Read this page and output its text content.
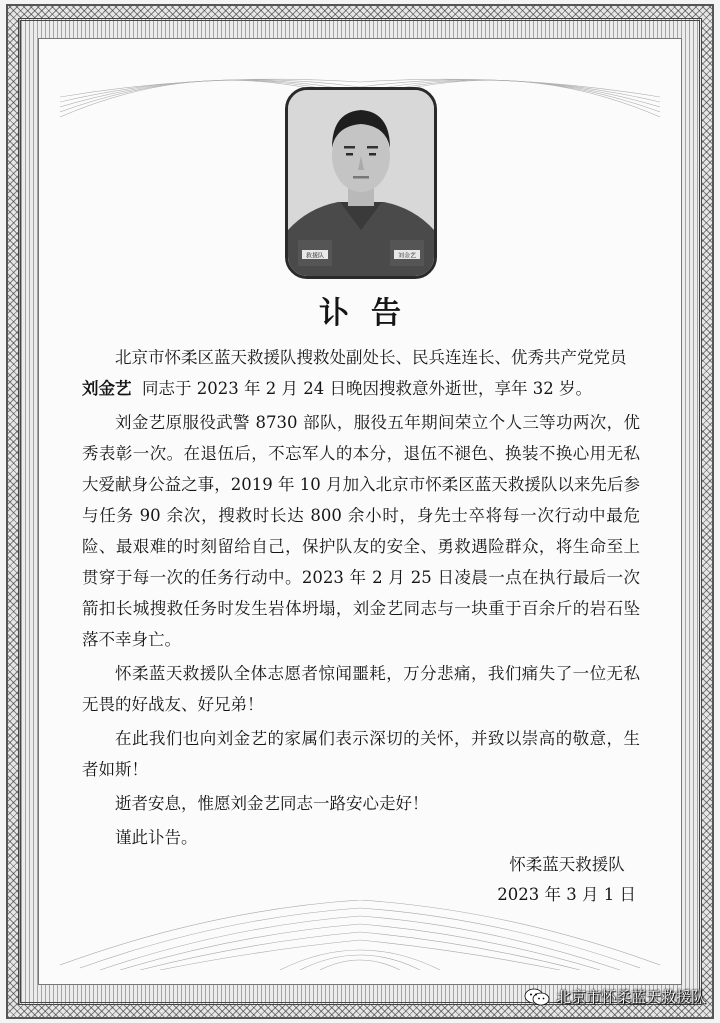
救援队	刘金艺
讣告

北京市怀柔区蓝天救援队搜救处副处长、民兵连连长、优秀共产党党员
刘金艺 同志于 2023 年 2 月 24 日晚因搜救意外逝世，享年 32 岁。

刘金艺原服役武警 8730 部队，服役五年期间荣立个人三等功两次，优秀表彰一次。在退伍后，不忘军人的本分，退伍不褪色、换装不换心用无私大爱献身公益之事，2019 年 10 月加入北京市怀柔区蓝天救援队以来先后参与任务 90 余次，搜救时长达 800 余小时，身先士卒将每一次行动中最危险、最艰难的时刻留给自己，保护队友的安全、勇救遇险群众，将生命至上贯穿于每一次的任务行动中。2023 年 2 月 25 日凌晨一点在执行最后一次箭扣长城搜救任务时发生岩体坍塌，刘金艺同志与一块重于百余斤的岩石坠落不幸身亡。

怀柔蓝天救援队全体志愿者惊闻噩耗，万分悲痛，我们痛失了一位无私无畏的好战友、好兄弟！

在此我们也向刘金艺的家属们表示深切的关怀，并致以崇高的敬意，生者如斯！

逝者安息，惟愿刘金艺同志一路安心走好！

谨此讣告。

怀柔蓝天救援队
2023 年 3 月 1 日
北京市怀柔蓝天救援队
